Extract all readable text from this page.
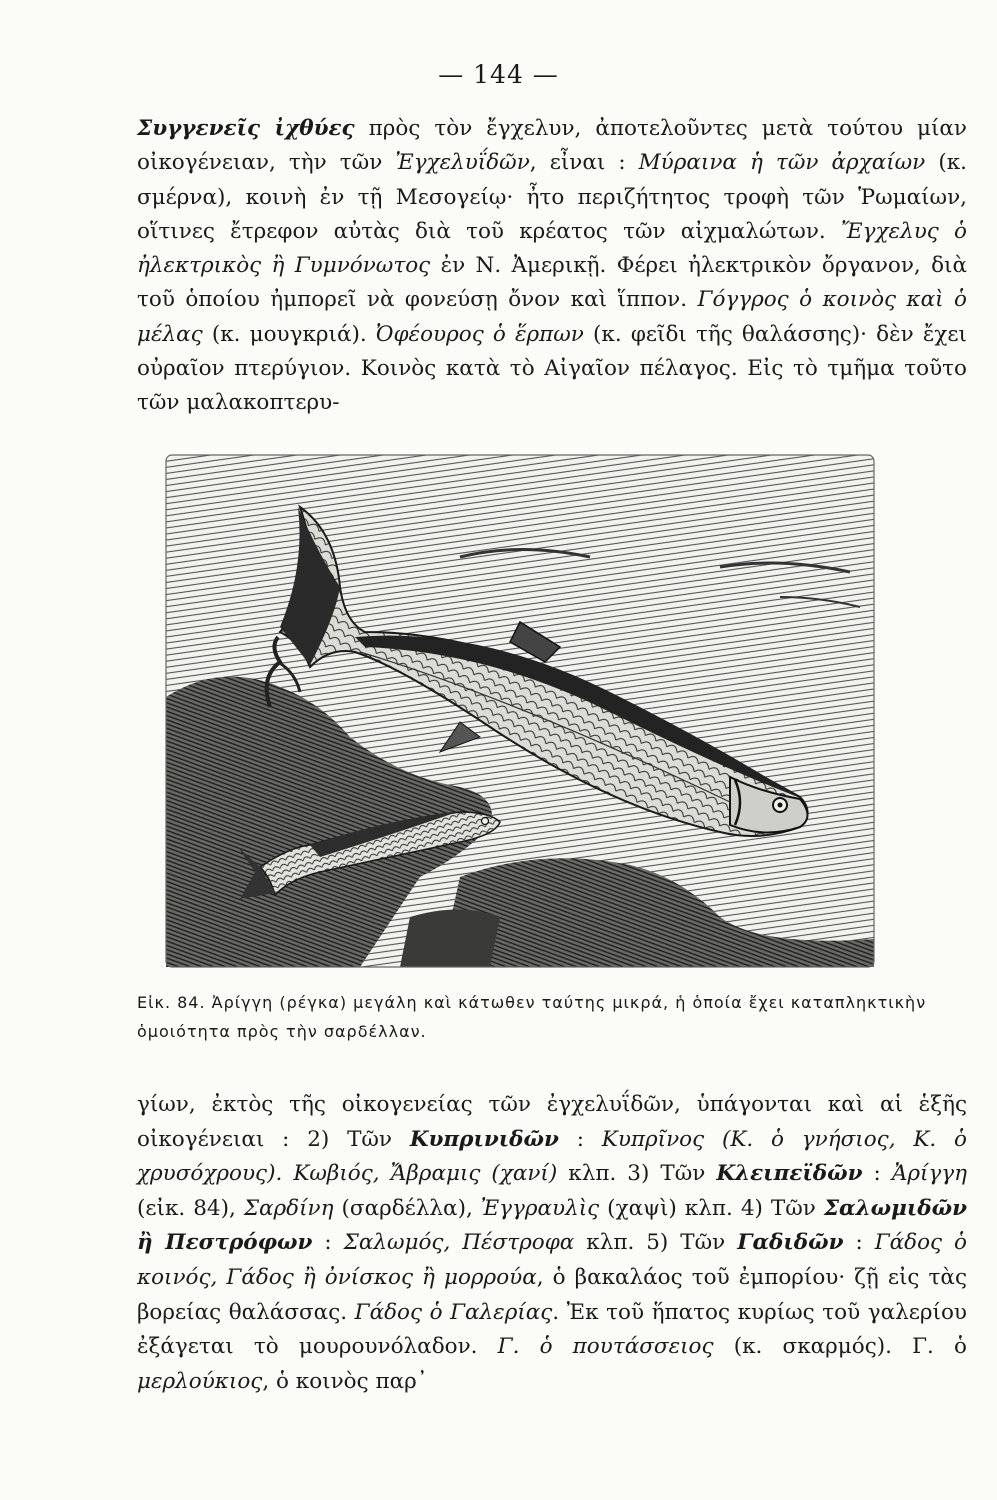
— 144 —

Συγγενεῖς ἰχθύες πρὸς τὸν ἔγχελυν, ἀποτελοῦντες μετὰ τούτου μίαν οἰκογένειαν, τὴν τῶν Ἐγχελυΐδῶν, εἶναι : Μύραινα ἡ τῶν ἀρχαίων (κ. σμέρνα), κοινὴ ἐν τῇ Μεσογείῳ· ἦτο περιζήτητος τροφὴ τῶν Ῥωμαίων, οἵτινες ἔτρεφον αὐτὰς διὰ τοῦ κρέατος τῶν αἰχμαλώτων. Ἔγχελυς ὁ ἠλεκτρικὸς ἢ Γυμνόνωτος ἐν Ν. Ἀμερικῇ. Φέρει ἠλεκτρικὸν ὄργανον, διὰ τοῦ ὁποίου ἠμπορεῖ νὰ φονεύσῃ ὄνον καὶ ἵππον. Γόγγρος ὁ κοινὸς καὶ ὁ μέλας (κ. μουγκριά). Ὀφέουρος ὁ ἕρπων (κ. φεῖδι τῆς θαλάσσης)· δὲν ἔχει οὐραῖον πτερύγιον. Κοινὸς κατὰ τὸ Αἰγαῖον πέλαγος. Εἰς τὸ τμῆμα τοῦτο τῶν μαλακοπτερυ-

Εἰκ. 84. Ἀρίγγη (ρέγκα) μεγάλη καὶ κάτωθεν ταύτης μικρά, ἡ ὁποία ἔχει καταπληκτικὴν ὁμοιότητα πρὸς τὴν σαρδέλλαν.

γίων, ἐκτὸς τῆς οἰκογενείας τῶν ἐγχελυΐδῶν, ὑπάγονται καὶ αἱ ἑξῆς οἰκογένειαι : 2) Τῶν Κυπρινιδῶν : Κυπρῖνος (Κ. ὁ γνήσιος, Κ. ὁ χρυσόχρους). Κωβιός, Ἄβραμις (χανί) κλπ. 3) Τῶν Κλειπεϊδῶν : Ἀρίγγη (εἰκ. 84), Σαρδίνη (σαρδέλλα), Ἐγγραυλὶς (χαψὶ) κλπ. 4) Τῶν Σαλωμιδῶν ἢ Πεστρόφων : Σαλωμός, Πέστροφα κλπ. 5) Τῶν Γαδιδῶν : Γάδος ὁ κοινός, Γάδος ἢ ὀνίσκος ἢ μορρούα, ὁ βακαλάος τοῦ ἐμπορίου· ζῇ εἰς τὰς βορείας θαλάσσας. Γάδος ὁ Γαλερίας. Ἐκ τοῦ ἥπατος κυρίως τοῦ γαλερίου ἐξάγεται τὸ μουρουνόλαδον. Γ. ὁ πουτάσσειος (κ. σκαρμός). Γ. ὁ μερλούκιος, ὁ κοινὸς παρ᾽
